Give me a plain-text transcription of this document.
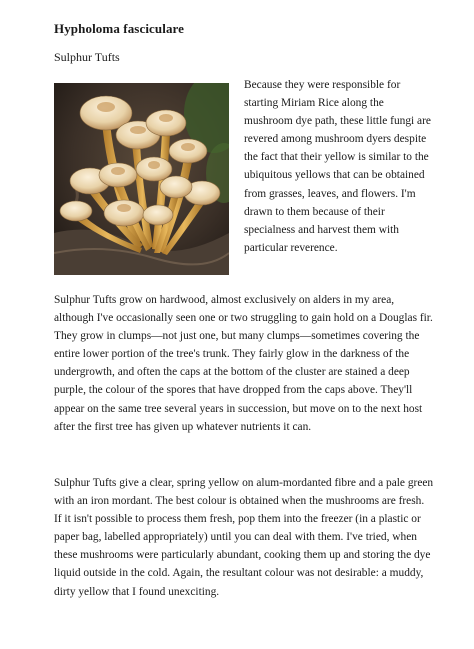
Hypholoma fasciculare

Sulphur Tufts

Because they were responsible for starting Miriam Rice along the mushroom dye path, these little fungi are revered among mushroom dyers despite the fact that their yellow is similar to the ubiquitous yellows that can be obtained from grasses, leaves, and flowers. I'm drawn to them because of their specialness and harvest them with particular reverence.

Sulphur Tufts grow on hardwood, almost exclusively on alders in my area, although I've occasionally seen one or two struggling to gain hold on a Douglas fir. They grow in clumps—not just one, but many clumps—sometimes covering the entire lower portion of the tree's trunk. They fairly glow in the darkness of the undergrowth, and often the caps at the bottom of the cluster are stained a deep purple, the colour of the spores that have dropped from the caps above. They'll appear on the same tree several years in succession, but move on to the next host after the first tree has given up whatever nutrients it can.

Sulphur Tufts give a clear, spring yellow on alum-mordanted fibre and a pale green with an iron mordant. The best colour is obtained when the mushrooms are fresh. If it isn't possible to process them fresh, pop them into the freezer (in a plastic or paper bag, labelled appropriately) until you can deal with them. I've tried, when these mushrooms were particularly abundant, cooking them up and storing the dye liquid outside in the cold. Again, the resultant colour was not desirable: a muddy, dirty yellow that I found unexciting.
